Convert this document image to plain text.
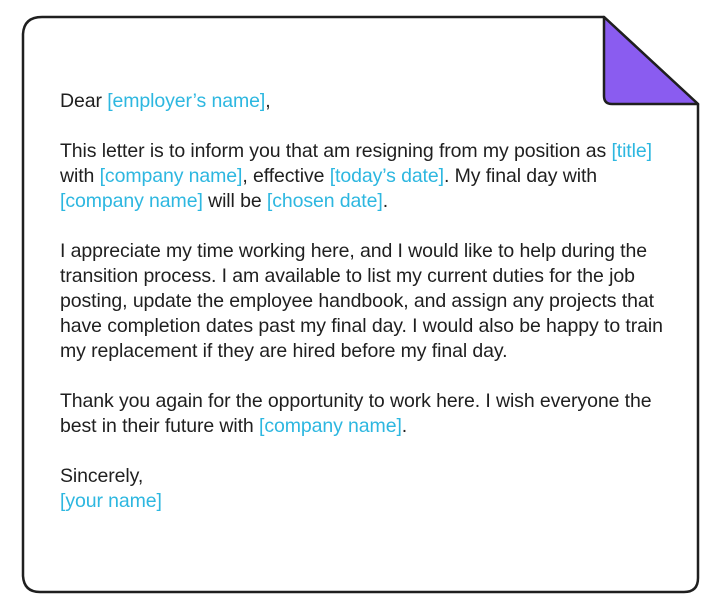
Dear [employer’s name],

This letter is to inform you that am resigning from my position as [title] with [company name], effective [today’s date]. My final day with [company name] will be [chosen date].

I appreciate my time working here, and I would like to help during the transition process. I am available to list my current duties for the job posting, update the employee handbook, and assign any projects that have completion dates past my final day. I would also be happy to train my replacement if they are hired before my final day.

Thank you again for the opportunity to work here. I wish everyone the best in their future with [company name].

Sincerely,
[your name]
